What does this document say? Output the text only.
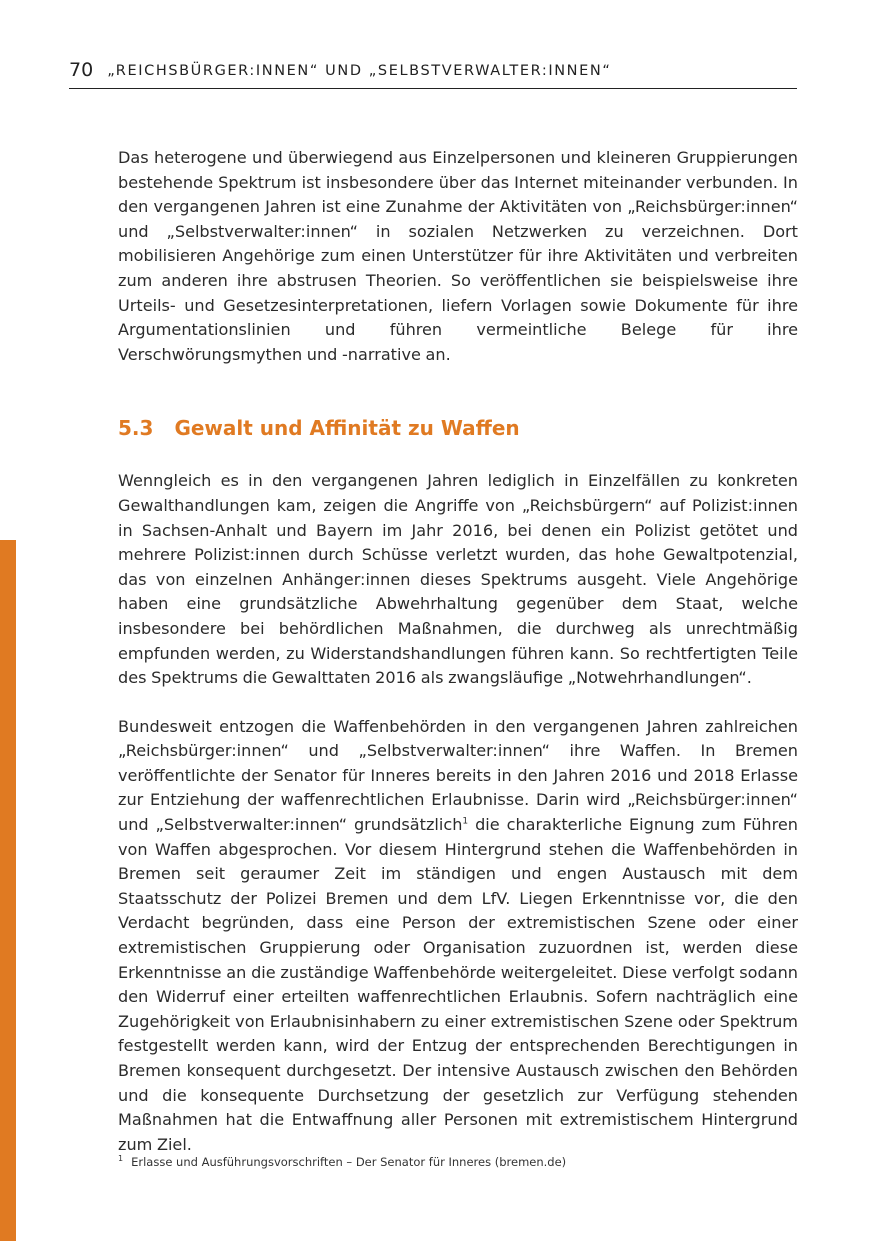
70 „REICHSBÜRGER:INNEN“ UND „SELBSTVERWALTER:INNEN“

Das heterogene und überwiegend aus Einzelpersonen und kleineren Gruppierungen bestehende Spektrum ist insbesondere über das Internet miteinander verbunden. In den vergangenen Jahren ist eine Zunahme der Aktivitäten von „Reichsbürger:innen“ und „Selbstverwalter:innen“ in sozialen Netzwerken zu verzeichnen. Dort mobilisieren Angehörige zum einen Unterstützer für ihre Aktivitäten und verbreiten zum anderen ihre abstrusen Theorien. So veröffentlichen sie beispielsweise ihre Urteils- und Gesetzesinterpretationen, liefern Vorlagen sowie Dokumente für ihre Argumentationslinien und führen vermeintliche Belege für ihre Verschwörungsmythen und -narrative an.

5.3 Gewalt und Affinität zu Waffen

Wenngleich es in den vergangenen Jahren lediglich in Einzelfällen zu konkreten Gewalthandlungen kam, zeigen die Angriffe von „Reichsbürgern“ auf Polizist:innen in Sachsen-Anhalt und Bayern im Jahr 2016, bei denen ein Polizist getötet und mehrere Polizist:innen durch Schüsse verletzt wurden, das hohe Gewaltpotenzial, das von einzelnen Anhänger:innen dieses Spektrums ausgeht. Viele Angehörige haben eine grundsätzliche Abwehrhaltung gegenüber dem Staat, welche insbesondere bei behördlichen Maßnahmen, die durchweg als unrechtmäßig empfunden werden, zu Widerstandshandlungen führen kann. So rechtfertigten Teile des Spektrums die Gewalttaten 2016 als zwangsläufige „Notwehrhandlungen“.

Bundesweit entzogen die Waffenbehörden in den vergangenen Jahren zahlreichen „Reichsbürger:innen“ und „Selbstverwalter:innen“ ihre Waffen. In Bremen veröffentlichte der Senator für Inneres bereits in den Jahren 2016 und 2018 Erlasse zur Entziehung der waffenrechtlichen Erlaubnisse. Darin wird „Reichsbürger:innen“ und „Selbstverwalter:innen“ grundsätzlich$^1$ die charakterliche Eignung zum Führen von Waffen abgesprochen. Vor diesem Hintergrund stehen die Waffenbehörden in Bremen seit geraumer Zeit im ständigen und engen Austausch mit dem Staatsschutz der Polizei Bremen und dem LfV. Liegen Erkenntnisse vor, die den Verdacht begründen, dass eine Person der extremistischen Szene oder einer extremistischen Gruppierung oder Organisation zuzuordnen ist, werden diese Erkenntnisse an die zuständige Waffenbehörde weitergeleitet. Diese verfolgt sodann den Widerruf einer erteilten waffenrechtlichen Erlaubnis. Sofern nachträglich eine Zugehörigkeit von Erlaubnisinhabern zu einer extremistischen Szene oder Spektrum festgestellt werden kann, wird der Entzug der entsprechenden Berechtigungen in Bremen konsequent durchgesetzt. Der intensive Austausch zwischen den Behörden und die konsequente Durchsetzung der gesetzlich zur Verfügung stehenden Maßnahmen hat die Entwaffnung aller Personen mit extremistischem Hintergrund zum Ziel.

$^1$ Erlasse und Ausführungsvorschriften – Der Senator für Inneres (bremen.de)
